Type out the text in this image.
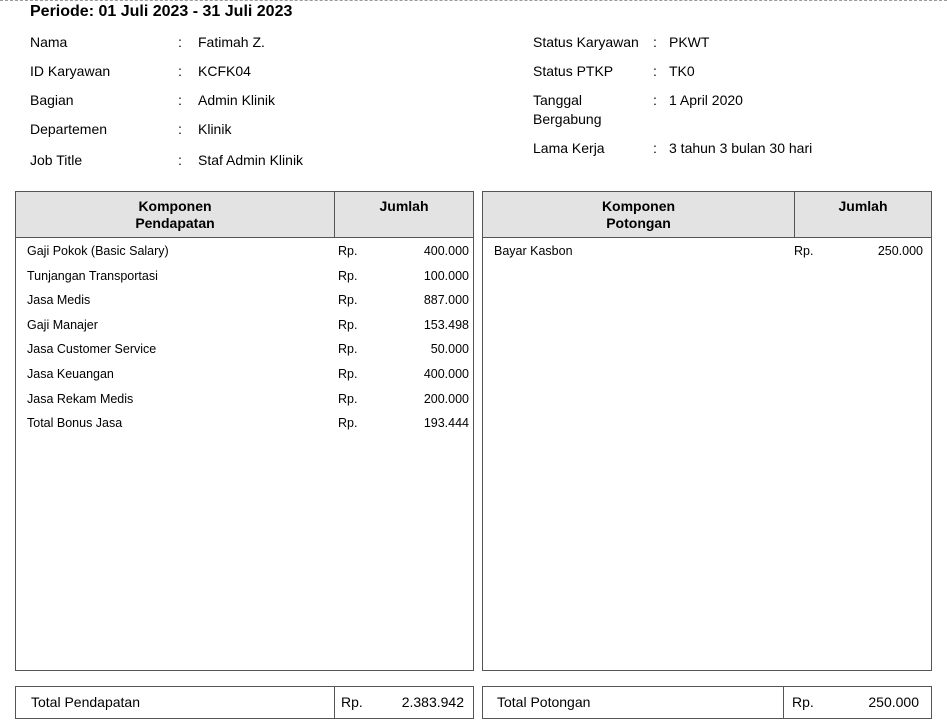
Periode: 01 Juli 2023 - 31 Juli 2023
Nama	: Fatimah Z.
ID Karyawan	: KCFK04
Bagian	: Admin Klinik
Departemen	: Klinik
Job Title	: Staf Admin Klinik
Status Karyawan : PKWT
Status PTKP	: TK0
Tanggal
Bergabung
: 1 April 2020
Lama Kerja	: 3 tahun 3 bulan 30 hari
Komponen
Pendapatan
Jumlah
Gaji Pokok (Basic Salary)	Rp.	400.000
Tunjangan Transportasi	Rp.	100.000
Jasa Medis	Rp.	887.000
Gaji Manajer	Rp.	153.498
Jasa Customer Service	Rp.	50.000
Jasa Keuangan	Rp.	400.000
Jasa Rekam Medis	Rp.	200.000
Total Bonus Jasa	Rp.	193.444
Komponen
Potongan
Jumlah
Bayar Kasbon	Rp.	250.000
Total Pendapatan	Rp.	2.383.942 Total Potongan	Rp.	250.000
